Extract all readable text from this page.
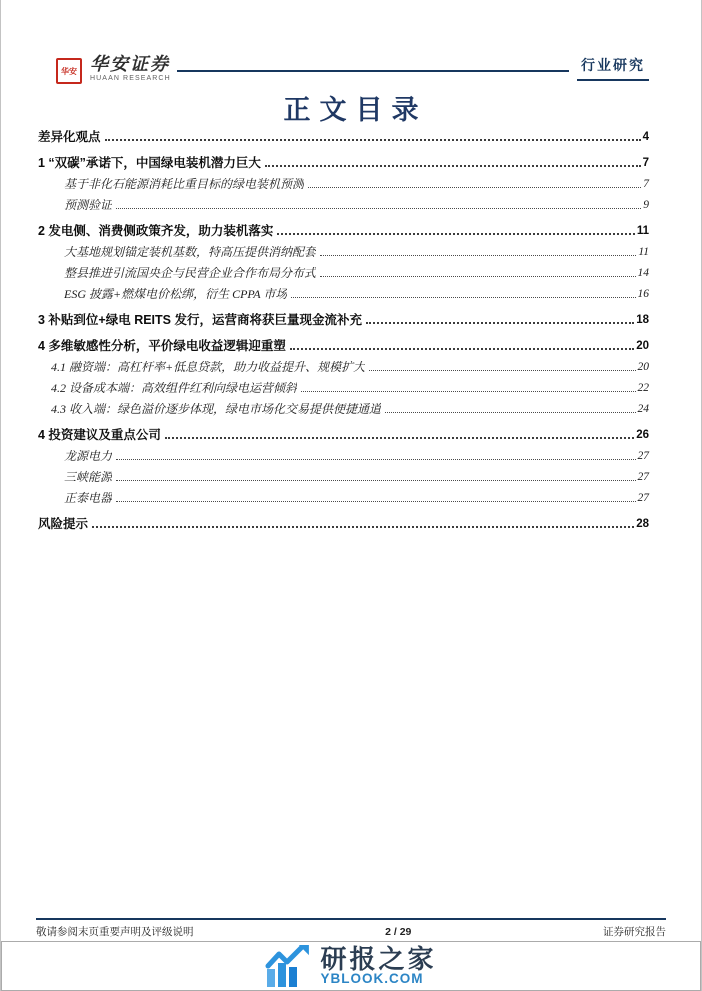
华安 华安证券
HUAAN RESEARCH
行业研究
正文目录
差异化观点	4
1 “双碳”承诺下，中国绿电装机潜力巨大	7
基于非化石能源消耗比重目标的绿电装机预测	7
预测验证	9
2 发电侧、消费侧政策齐发，助力装机落实	11
大基地规划锚定装机基数，特高压提供消纳配套	11
整县推进引流国央企与民营企业合作布局分布式	14
ESG 披露+燃煤电价松绑，衍生 CPPA 市场	16
3 补贴到位+绿电 REITS 发行，运营商将获巨量现金流补充	18
4 多维敏感性分析，平价绿电收益逻辑迎重塑	20
4.1 融资端：高杠杆率+低息贷款，助力收益提升、规模扩大	20
4.2 设备成本端：高效组件红利向绿电运营倾斜	22
4.3 收入端：绿色溢价逐步体现，绿电市场化交易提供便捷通道	24
4 投资建议及重点公司	26
龙源电力	27
三峡能源	27
正泰电器	27
风险提示	28
敬请参阅末页重要声明及评级说明	2 / 29	证券研究报告
研报之家
YBLOOK.COM
